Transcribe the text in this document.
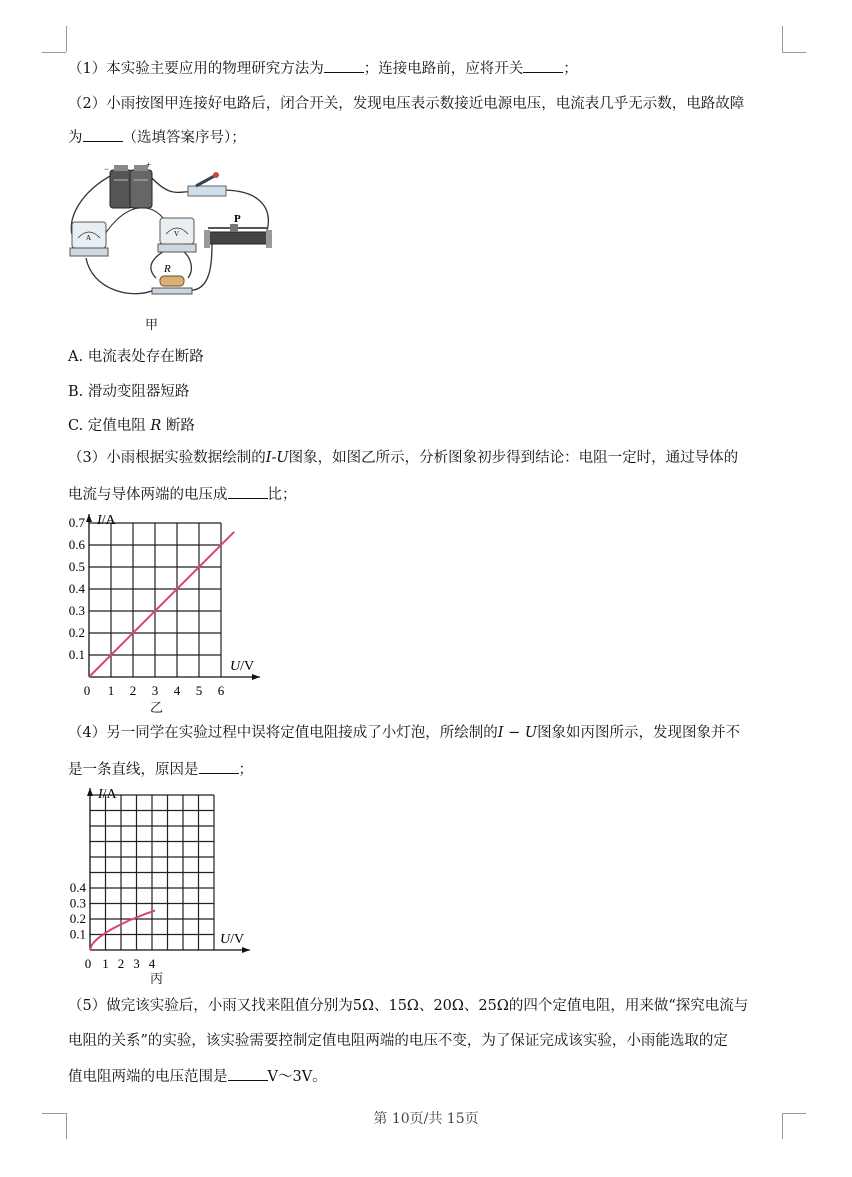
（1）本实验主要应用的物理研究方法为	；连接电路前，应将开关	；
（2）小雨按图甲连接好电路后，闭合开关，发现电压表示数接近电源电压，电流表几乎无示数，电路故障
为	（选填答案序号）；
−	+
A	V
P
R
甲
A. 电流表处存在断路
B. 滑动变阻器短路
C. 定值电阻 R 断路
（3）小雨根据实验数据绘制的I-U图象，如图乙所示，分析图象初步得到结论：电阻一定时，通过导体的
电流与导体两端的电压成	比；
0 1 2 3 4 5 6
0.1
0.2
0.3
0.4
0.5
0.6
0.7 I/A
U/V
乙
（4）另一同学在实验过程中误将定值电阻接成了小灯泡，所绘制的I − U图象如丙图所示，发现图象并不
是一条直线，原因是	；
0 1 2 3 4
0.1
0.2
0.3
0.4
I/A
U/V
丙
（5）做完该实验后，小雨又找来阻值分别为5Ω、15Ω、20Ω、25Ω的四个定值电阻，用来做“探究电流与
电阻的关系”的实验，该实验需要控制定值电阻两端的电压不变，为了保证完成该实验，小雨能选取的定
值电阻两端的电压范围是	V～3V。
第 10页/共 15页
